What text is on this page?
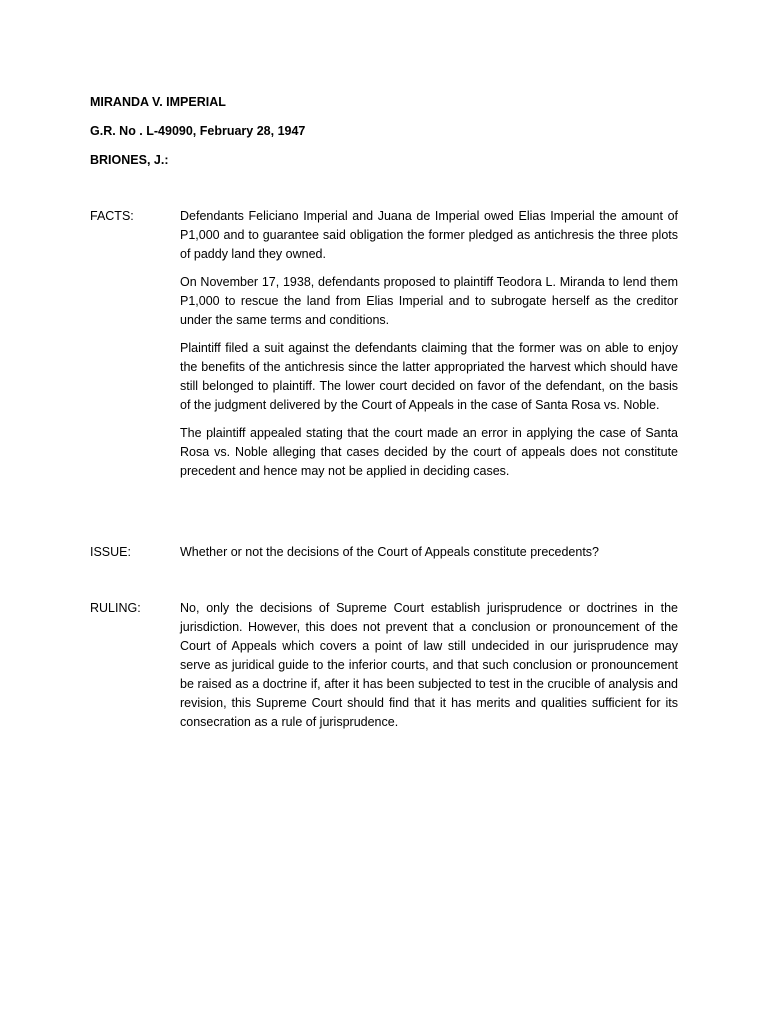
MIRANDA V. IMPERIAL
G.R. No . L-49090, February 28, 1947
BRIONES, J.:
FACTS:	Defendants Feliciano Imperial and Juana de Imperial owed Elias Imperial the amount of P1,000 and to guarantee said obligation the former pledged as antichresis the three plots of paddy land they owned.

On November 17, 1938, defendants proposed to plaintiff Teodora L. Miranda to lend them P1,000 to rescue the land from Elias Imperial and to subrogate herself as the creditor under the same terms and conditions.

Plaintiff filed a suit against the defendants claiming that the former was on able to enjoy the benefits of the antichresis since the latter appropriated the harvest which should have still belonged to plaintiff. The lower court decided on favor of the defendant, on the basis of the judgment delivered by the Court of Appeals in the case of Santa Rosa vs. Noble.

The plaintiff appealed stating that the court made an error in applying the case of Santa Rosa vs. Noble alleging that cases decided by the court of appeals does not constitute precedent and hence may not be applied in deciding cases.

ISSUE:	Whether or not the decisions of the Court of Appeals constitute precedents?

RULING:	No, only the decisions of Supreme Court establish jurisprudence or doctrines in the jurisdiction. However, this does not prevent that a conclusion or pronouncement of the Court of Appeals which covers a point of law still undecided in our jurisprudence may serve as juridical guide to the inferior courts, and that such conclusion or pronouncement be raised as a doctrine if, after it has been subjected to test in the crucible of analysis and revision, this Supreme Court should find that it has merits and qualities sufficient for its consecration as a rule of jurisprudence.
